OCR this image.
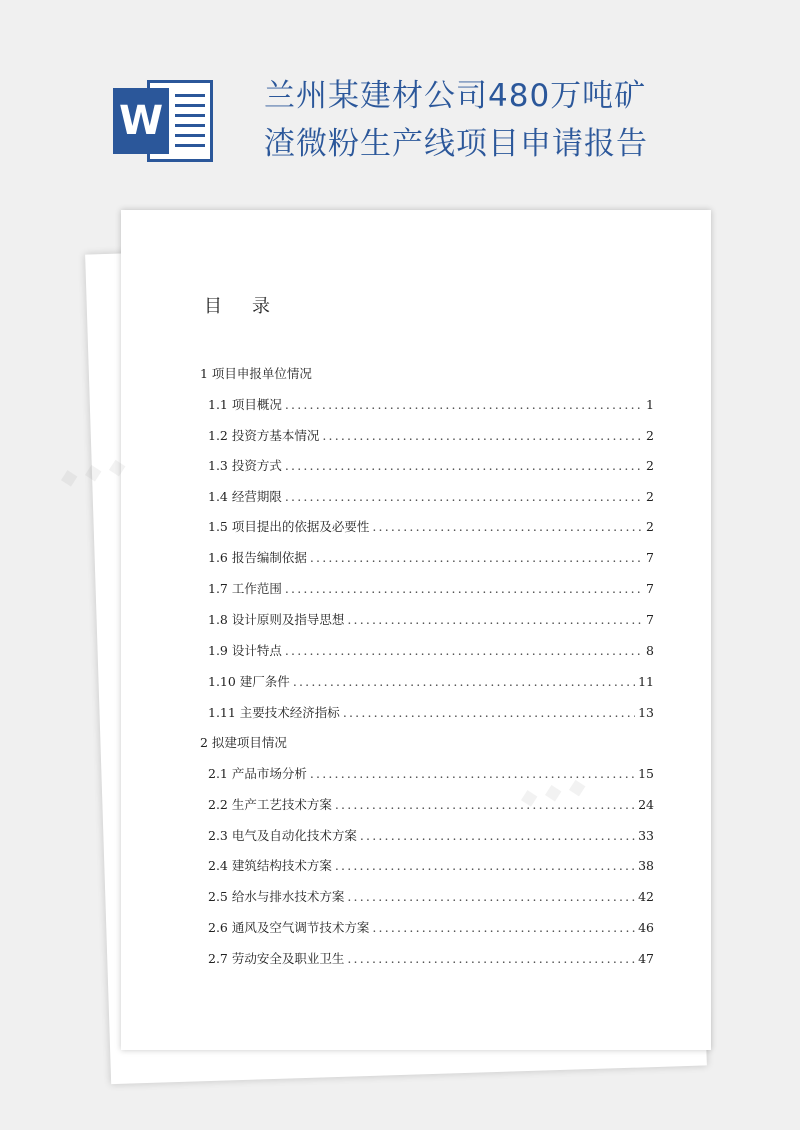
W
兰州某建材公司480万吨矿渣微粉生产线项目申请报告
◆
目 录
1 项目申报单位情况
1.1 项目概况 .....	1
1.2 投资方基本情况 .....	2
1.3 投资方式 .....	2
1.4 经营期限 .....	2
1.5 项目提出的依据及必要性 .....	2
1.6 报告编制依据 .....	7
1.7 工作范围 .....	7
1.8 设计原则及指导思想 .....	7
1.9 设计特点 .....	8
1.10 建厂条件 .....	11
1.11 主要技术经济指标 .....	13
2 拟建项目情况
2.1 产品市场分析 .....	15
2.2 生产工艺技术方案 .....	24
2.3 电气及自动化技术方案 .....	33
2.4 建筑结构技术方案 .....	38
2.5 给水与排水技术方案 .....	42
2.6 通风及空气调节技术方案 .....	46
2.7 劳动安全及职业卫生 .....	47
